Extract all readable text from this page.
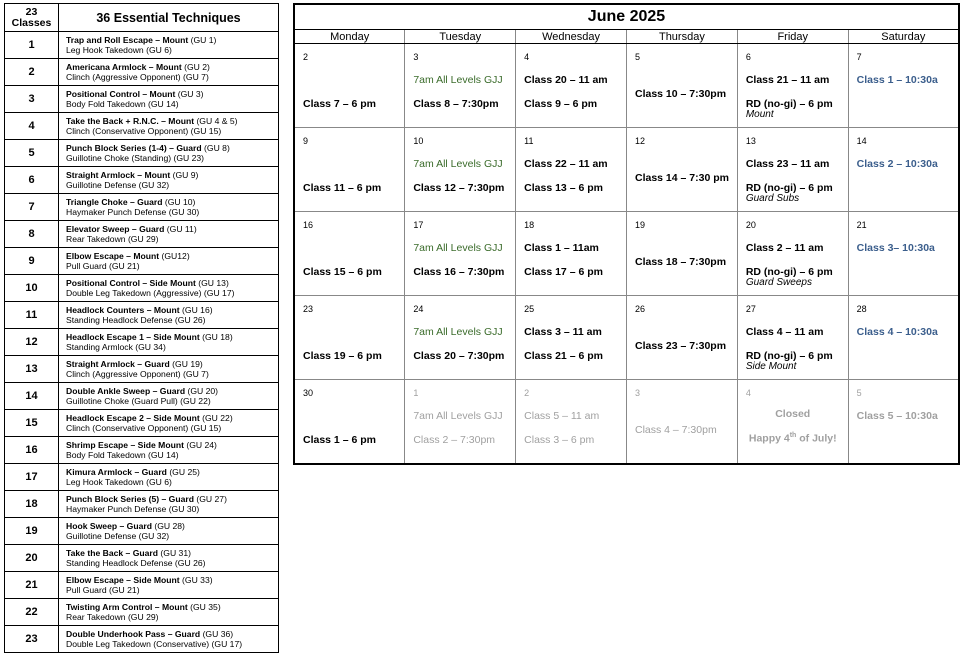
23
Classes	36 Essential Techniques
1	Trap and Roll Escape – Mount (GU 1)
Leg Hook Takedown (GU 6)

2	Americana Armlock – Mount (GU 2)
Clinch (Aggressive Opponent) (GU 7)

3	Positional Control – Mount (GU 3)
Body Fold Takedown (GU 14)

4	Take the Back + R.N.C. – Mount (GU 4 & 5)
Clinch (Conservative Opponent) (GU 15)

5	Punch Block Series (1-4) – Guard (GU 8)
Guillotine Choke (Standing) (GU 23)

6	Straight Armlock – Mount (GU 9)
Guillotine Defense (GU 32)

7	Triangle Choke – Guard (GU 10)
Haymaker Punch Defense (GU 30)

8	Elevator Sweep – Guard (GU 11)
Rear Takedown (GU 29)

9	Elbow Escape – Mount (GU12)
Pull Guard (GU 21)

10	Positional Control – Side Mount (GU 13)
Double Leg Takedown (Aggressive) (GU 17)

11	Headlock Counters – Mount (GU 16)
Standing Headlock Defense (GU 26)

12	Headlock Escape 1 – Side Mount (GU 18)
Standing Armlock (GU 34)

13	Straight Armlock – Guard (GU 19)
Clinch (Aggressive Opponent) (GU 7)

14	Double Ankle Sweep – Guard (GU 20)
Guillotine Choke (Guard Pull) (GU 22)

15	Headlock Escape 2 – Side Mount (GU 22)
Clinch (Conservative Opponent) (GU 15)

16	Shrimp Escape – Side Mount (GU 24)
Body Fold Takedown (GU 14)

17	Kimura Armlock – Guard (GU 25)
Leg Hook Takedown (GU 6)

18	Punch Block Series (5) – Guard (GU 27)
Haymaker Punch Defense (GU 30)

19	Hook Sweep – Guard (GU 28)
Guillotine Defense (GU 32)

20	Take the Back – Guard (GU 31)
Standing Headlock Defense (GU 26)

21	Elbow Escape – Side Mount (GU 33)
Pull Guard (GU 21)

22	Twisting Arm Control – Mount (GU 35)
Rear Takedown (GU 29)

23	Double Underhook Pass – Guard (GU 36)
Double Leg Takedown (Conservative) (GU 17)
June 2025					
Monday	Tuesday	Wednesday	Thursday	Friday	Saturday

2
Class 7 – 6 pm	3
7am All Levels GJJ
Class 8 – 7:30pm	4
Class 20 – 11 am
Class 9 – 6 pm	5
Class 10 – 7:30pm	6
Class 21 – 11 am
RD (no-gi) – 6 pm
Mount	7
Class 1 – 10:30a

9
Class 11 – 6 pm	10
7am All Levels GJJ
Class 12 – 7:30pm	11
Class 22 – 11 am
Class 13 – 6 pm	12
Class 14 – 7:30 pm	13
Class 23 – 11 am
RD (no-gi) – 6 pm
Guard Subs	14
Class 2 – 10:30a

16
Class 15 – 6 pm	17
7am All Levels GJJ
Class 16 – 7:30pm	18
Class 1 – 11am
Class 17 – 6 pm	19
Class 18 – 7:30pm	20
Class 2 – 11 am
RD (no-gi) – 6 pm
Guard Sweeps	21
Class 3– 10:30a

23
Class 19 – 6 pm	24
7am All Levels GJJ
Class 20 – 7:30pm	25
Class 3 – 11 am
Class 21 – 6 pm	26
Class 23 – 7:30pm	27
Class 4 – 11 am
RD (no-gi) – 6 pm
Side Mount	28
Class 4 – 10:30a

30
Class 1 – 6 pm	1
7am All Levels GJJ
Class 2 – 7:30pm	2
Class 5 – 11 am
Class 3 – 6 pm	3
Class 4 – 7:30pm	4
Closed
Happy 4th of July!	5
Class 5 – 10:30a
